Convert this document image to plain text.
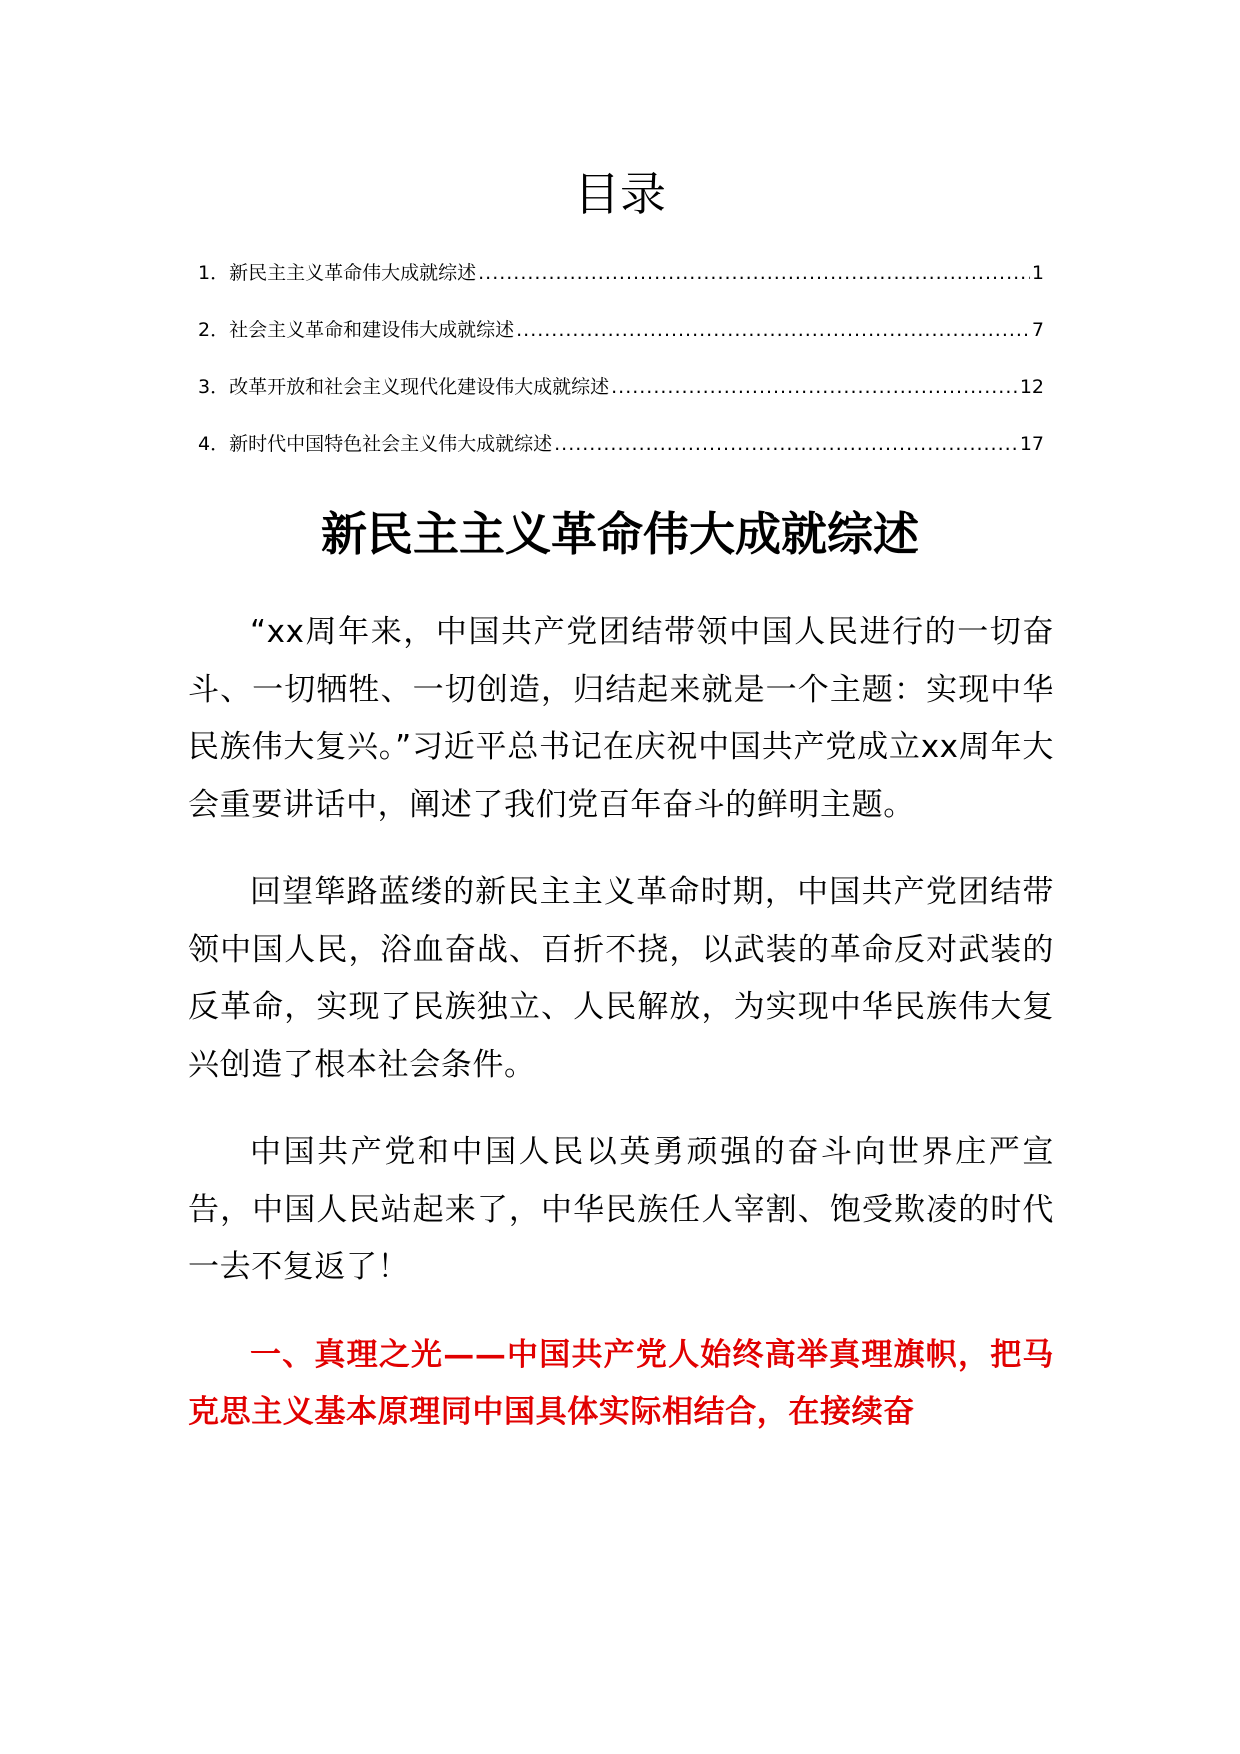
目录
1． 新民主主义革命伟大成就综述 .....	1
2． 社会主义革命和建设伟大成就综述 .....	7
3． 改革开放和社会主义现代化建设伟大成就综述 .....	12
4． 新时代中国特色社会主义伟大成就综述 .....	17
新民主主义革命伟大成就综述

“xx周年来，中国共产党团结带领中国人民进行的一切奋斗、一切牺牲、一切创造，归结起来就是一个主题：实现中华民族伟大复兴。”习近平总书记在庆祝中国共产党成立xx周年大会重要讲话中，阐述了我们党百年奋斗的鲜明主题。

回望筚路蓝缕的新民主主义革命时期，中国共产党团结带领中国人民，浴血奋战、百折不挠，以武装的革命反对武装的反革命，实现了民族独立、人民解放，为实现中华民族伟大复兴创造了根本社会条件。

中国共产党和中国人民以英勇顽强的奋斗向世界庄严宣告，中国人民站起来了，中华民族任人宰割、饱受欺凌的时代一去不复返了！

一、真理之光——中国共产党人始终高举真理旗帜，把马克思主义基本原理同中国具体实际相结合，在接续奋
